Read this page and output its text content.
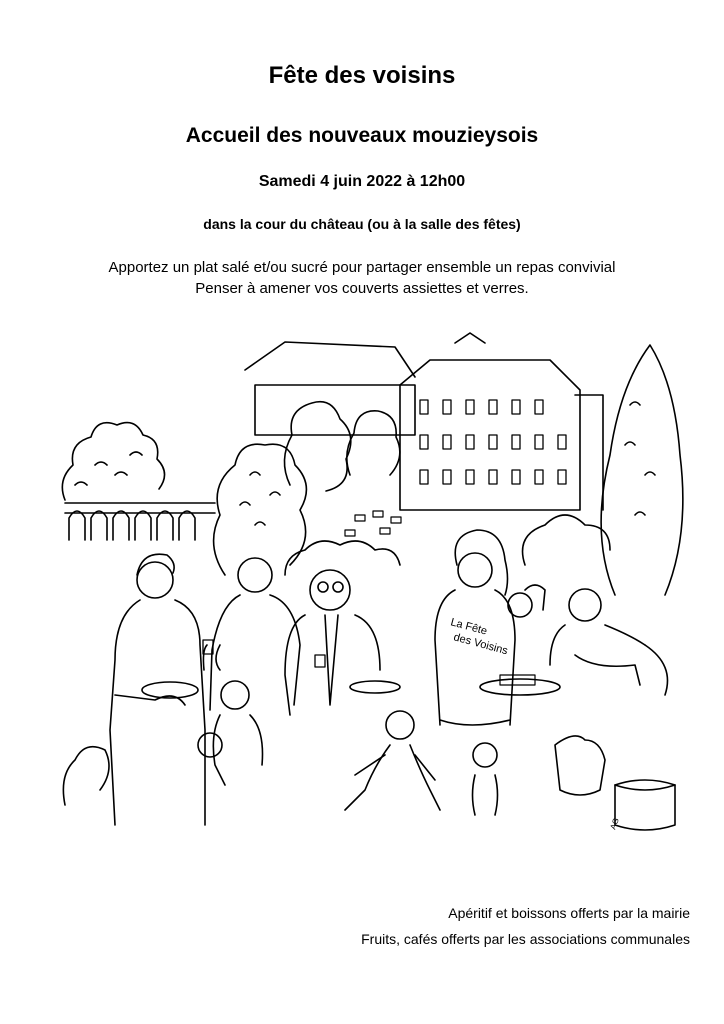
Fête des voisins
Accueil des nouveaux mouzieysois
Samedi 4 juin 2022 à 12h00
dans la cour du château (ou à la salle des fêtes)
Apportez un plat salé et/ou sucré pour partager ensemble un repas convivial
Penser à amener vos couverts assiettes et verres.
La Fête
des Voisins
AG
Apéritif et boissons offerts par la mairie
Fruits, cafés offerts par les associations communales
